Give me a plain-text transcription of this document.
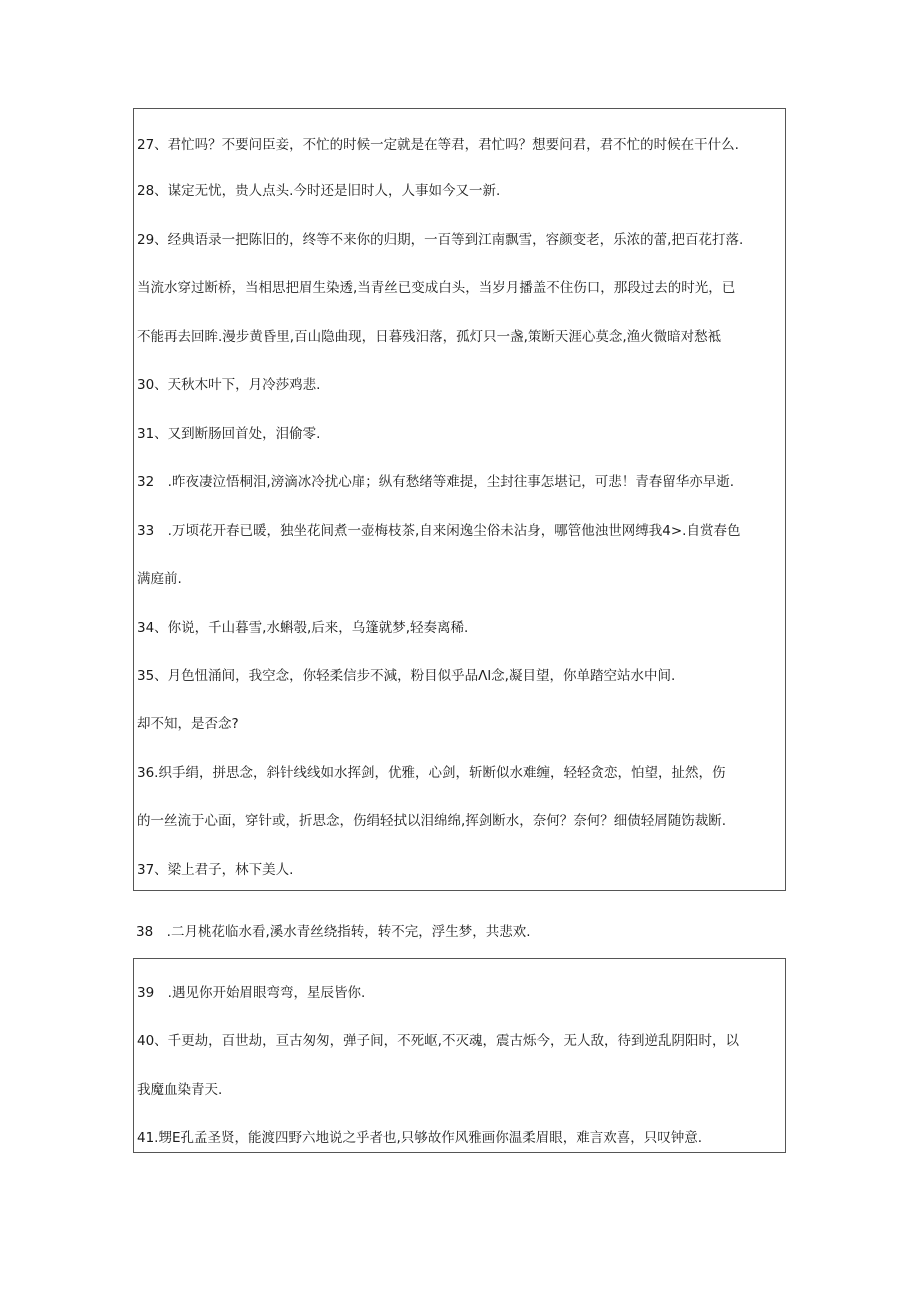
27、君忙吗？不要问臣妾，不忙的时候一定就是在等君，君忙吗？想要问君，君不忙的时候在干什么.
28、谋定无忧，贵人点头.今时还是旧时人，人事如今又一新.
29、经典语录一把陈旧的，终等不来你的归期，一百等到江南飘雪，容颜变老，乐浓的蕾,把百花打落.
当流水穿过断桥，当相思把眉生染透,当青丝已变成白头，当岁月播盖不住伤口，那段过去的时光，已
不能再去回眸.漫步黄昏里,百山隐曲现，日暮残汨落，孤灯只一盏,策断天涯心莫念,渔火微暗对愁袛
30、天秋木叶下，月冷莎鸡悲.
31、又到断肠回首处，泪偷零.
32　.昨夜凄泣悟桐泪,滂滴冰冷扰心扉；纵有愁绪等难提，尘封往事怎堪记，可悲！青春留华亦早逝.
33　.万顷花开春已暖，独坐花间煮一壶梅枝茶,自来闲逸尘俗未沾身，哪管他浊世网缚我4>.自赏春色
满庭前.
34、你说，千山暮雪,水蝌彀,后来，乌篷就梦,轻奏离稀.
35、月色忸涌间，我空念，你轻柔信步不減，粉目似乎品Λl念,凝目望，你单踏空站水中间.
却不知，是否念?
36.织手绢，拼思念，斜针线线如水挥剑，优雅，心剑，斩断似水难缠，轻轻贪恋，怕望，扯然，伤
的一丝流于心面，穿针或，折思念，伤绢轻拭以泪绵绵,挥剑断水，奈何？奈何？细债轻屑随饬裁断.
37、梁上君子，林下美人.
38　.二月桃花临水看,溪水青丝绕指转，转不完，浮生梦，共悲欢.
39　.遇见你开始眉眼弯弯，星辰皆你.
40、千更劫，百世劫，亘古匆匆，弹子间，不死岖,不灭魂，震古烁今，无人敌，待到逆乱阴阳时，以
我魔血染青天.
41.甥E孔孟圣贤，能渡四野六地说之乎者也,只够故作风雅画你温柔眉眼，难言欢喜，只叹钟意.
